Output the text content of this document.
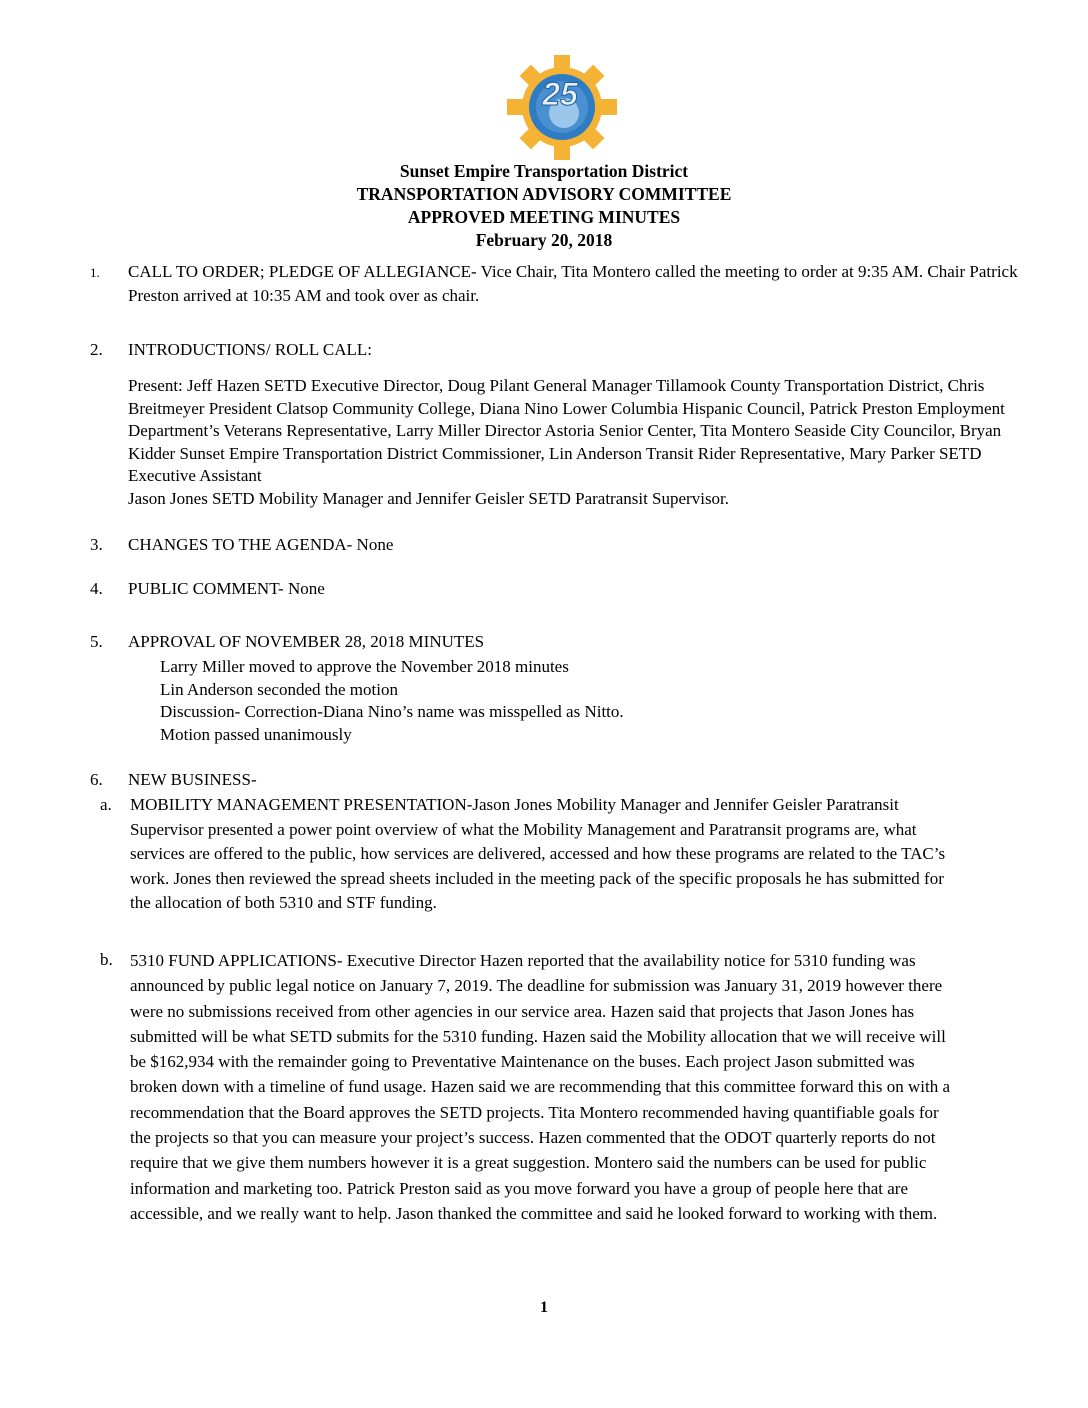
25
Sunset Empire Transportation District
TRANSPORTATION ADVISORY COMMITTEE
APPROVED MEETING MINUTES
February 20, 2018
1. CALL TO ORDER; PLEDGE OF ALLEGIANCE- Vice Chair, Tita Montero called the meeting to order at 9:35 AM. Chair Patrick Preston arrived at 10:35 AM and took over as chair.
2. INTRODUCTIONS/ ROLL CALL:
Present: Jeff Hazen SETD Executive Director, Doug Pilant General Manager Tillamook County Transportation District, Chris Breitmeyer President Clatsop Community College, Diana Nino Lower Columbia Hispanic Council, Patrick Preston Employment Department’s Veterans Representative, Larry Miller Director Astoria Senior Center, Tita Montero Seaside City Councilor, Bryan Kidder Sunset Empire Transportation District Commissioner, Lin Anderson Transit Rider Representative, Mary Parker SETD Executive Assistant
Jason Jones SETD Mobility Manager and Jennifer Geisler SETD Paratransit Supervisor.
3. CHANGES TO THE AGENDA- None
4. PUBLIC COMMENT- None
5. APPROVAL OF NOVEMBER 28, 2018 MINUTES
Larry Miller moved to approve the November 2018 minutes
Lin Anderson seconded the motion
Discussion- Correction-Diana Nino’s name was misspelled as Nitto.
Motion passed unanimously
6. NEW BUSINESS-
a. MOBILITY MANAGEMENT PRESENTATION-Jason Jones Mobility Manager and Jennifer Geisler Paratransit Supervisor presented a power point overview of what the Mobility Management and Paratransit programs are, what services are offered to the public, how services are delivered, accessed and how these programs are related to the TAC’s work. Jones then reviewed the spread sheets included in the meeting pack of the specific proposals he has submitted for the allocation of both 5310 and STF funding.
b. 5310 FUND APPLICATIONS- Executive Director Hazen reported that the availability notice for 5310 funding was announced by public legal notice on January 7, 2019. The deadline for submission was January 31, 2019 however there were no submissions received from other agencies in our service area. Hazen said that projects that Jason Jones has submitted will be what SETD submits for the 5310 funding. Hazen said the Mobility allocation that we will receive will be $162,934 with the remainder going to Preventative Maintenance on the buses. Each project Jason submitted was broken down with a timeline of fund usage. Hazen said we are recommending that this committee forward this on with a recommendation that the Board approves the SETD projects. Tita Montero recommended having quantifiable goals for the projects so that you can measure your project’s success. Hazen commented that the ODOT quarterly reports do not require that we give them numbers however it is a great suggestion. Montero said the numbers can be used for public information and marketing too. Patrick Preston said as you move forward you have a group of people here that are accessible, and we really want to help. Jason thanked the committee and said he looked forward to working with them.
1
